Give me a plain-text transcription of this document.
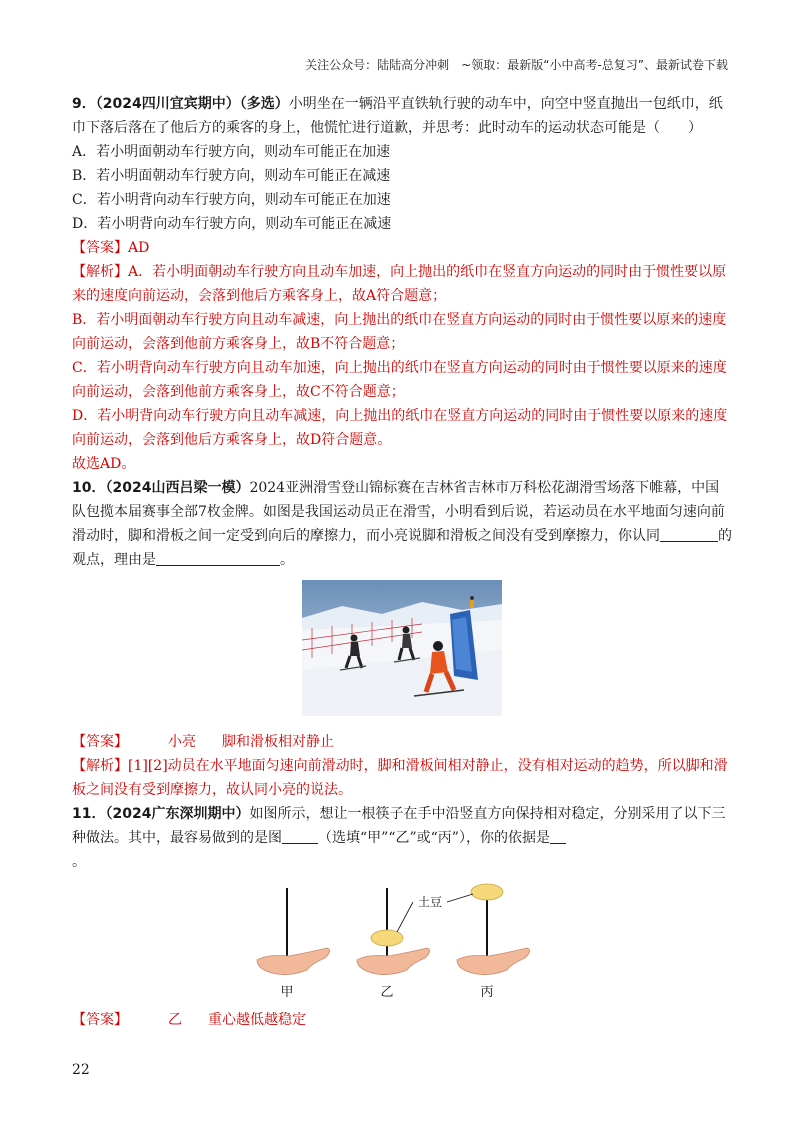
关注公众号：陆陆高分冲刺　~领取：最新版“小中高考-总复习”、最新试卷下载

9．（2024四川宜宾期中）（多选）小明坐在一辆沿平直铁轨行驶的动车中，向空中竖直抛出一包纸巾，纸巾下落后落在了他后方的乘客的身上，他慌忙进行道歉，并思考：此时动车的运动状态可能是（　　）

A．若小明面朝动车行驶方向，则动车可能正在加速

B．若小明面朝动车行驶方向，则动车可能正在减速

C．若小明背向动车行驶方向，则动车可能正在加速

D．若小明背向动车行驶方向，则动车可能正在减速

【答案】AD

【解析】A．若小明面朝动车行驶方向且动车加速，向上抛出的纸巾在竖直方向运动的同时由于惯性要以原来的速度向前运动，会落到他后方乘客身上，故A符合题意；

B．若小明面朝动车行驶方向且动车减速，向上抛出的纸巾在竖直方向运动的同时由于惯性要以原来的速度向前运动，会落到他前方乘客身上，故B不符合题意；

C．若小明背向动车行驶方向且动车加速，向上抛出的纸巾在竖直方向运动的同时由于惯性要以原来的速度向前运动，会落到他前方乘客身上，故C不符合题意；

D．若小明背向动车行驶方向且动车减速，向上抛出的纸巾在竖直方向运动的同时由于惯性要以原来的速度向前运动，会落到他后方乘客身上，故D符合题意。

故选AD。

10．（2024山西吕梁一模）2024亚洲滑雪登山锦标赛在吉林省吉林市万科松花湖滑雪场落下帷幕，中国队包揽本届赛事全部7枚金牌。如图是我国运动员正在滑雪，小明看到后说，若运动员在水平地面匀速向前滑动时，脚和滑板之间一定受到向后的摩擦力，而小亮说脚和滑板之间没有受到摩擦力，你认同	的观点，理由是	。

【答案】	小亮 脚和滑板相对静止

【解析】[1][2]动员在水平地面匀速向前滑动时，脚和滑板间相对静止，没有相对运动的趋势，所以脚和滑板之间没有受到摩擦力，故认同小亮的说法。

11．（2024广东深圳期中）如图所示，想让一根筷子在手中沿竖直方向保持相对稳定，分别采用了以下三种做法。其中，最容易做到的是图	（选填“甲”“乙”或“丙”），你的依据是

。

甲	乙	丙
土豆

【答案】	乙 重心越低越稳定

22
